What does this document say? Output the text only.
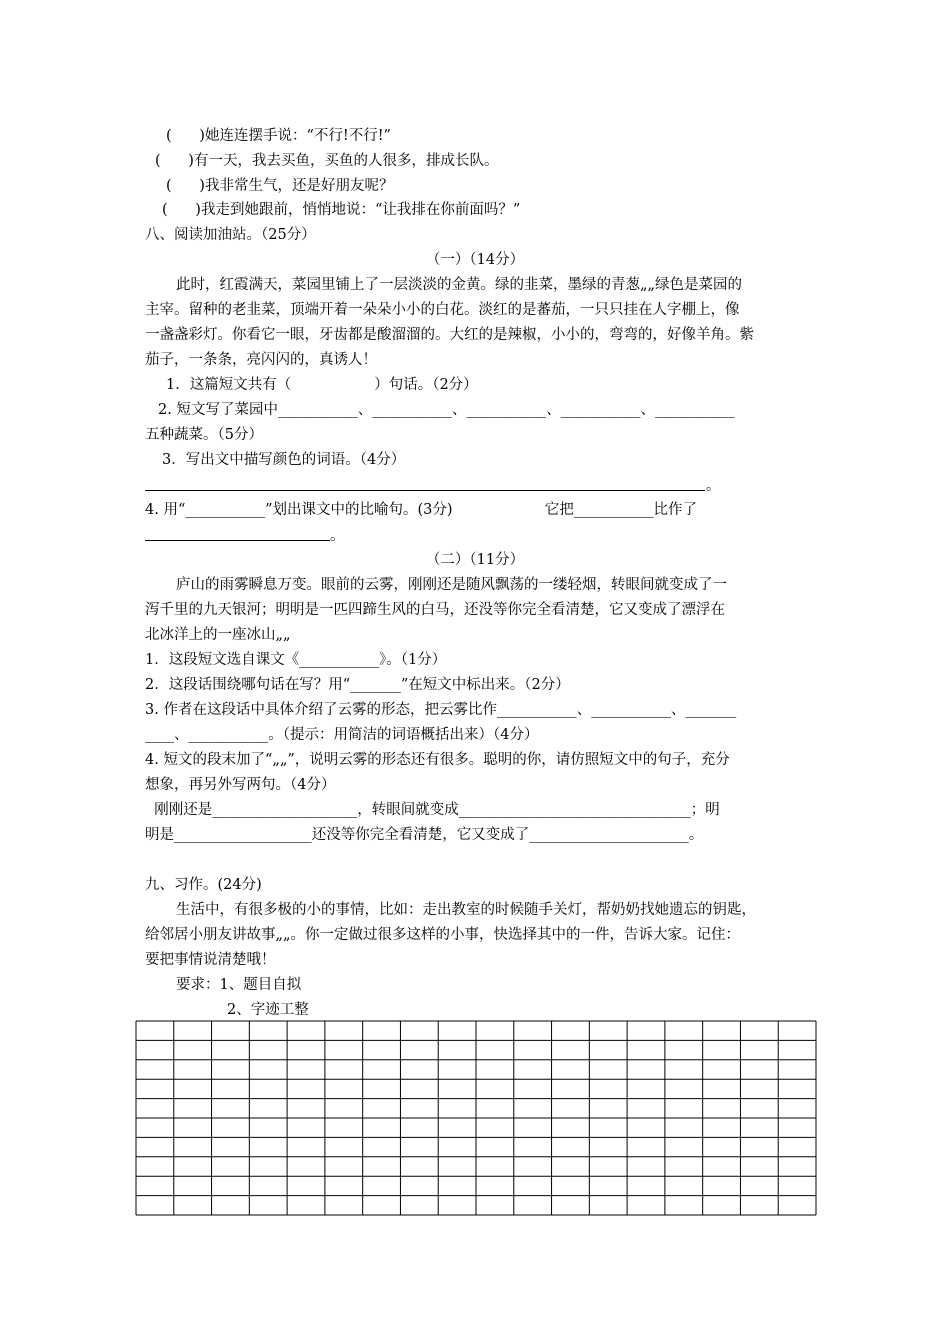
(      )她连连摆手说：“不行!不行!”
(      )有一天，我去买鱼，买鱼的人很多，排成长队。
(      )我非常生气，还是好朋友呢？
(      )我走到她跟前，悄悄地说：“让我排在你前面吗？”
八、阅读加油站。（25分）
（一）（14分）
此时，红霞满天，菜园里铺上了一层淡淡的金黄。绿的韭菜，墨绿的青葱„„绿色是菜园的
主宰。留种的老韭菜，顶端开着一朵朵小小的白花。淡红的是蕃茄，一只只挂在人字棚上，像
一盏盏彩灯。你看它一眼，牙齿都是酸溜溜的。大红的是辣椒，小小的，弯弯的，好像羊角。紫
茄子，一条条，亮闪闪的，真诱人！
1．这篇短文共有（                  ）句话。（2分）
2. 短文写了菜园中___________、___________、___________、___________、___________
五种蔬菜。（5分）
3．写出文中描写颜色的词语。（4分）
。
4. 用“___________”划出课文中的比喻句。(3分)                    它把___________比作了
。
（二）（11分）
庐山的雨雾瞬息万变。眼前的云雾，刚刚还是随风飘荡的一缕轻烟，转眼间就变成了一
泻千里的九天银河；明明是一匹四蹄生风的白马，还没等你完全看清楚，它又变成了漂浮在
北冰洋上的一座冰山„„
1．这段短文选自课文《___________》。（1分）
2．这段话围绕哪句话在写？用“_______”在短文中标出来。（2分）
3. 作者在这段话中具体介绍了云雾的形态，把云雾比作___________、___________、_______
____、___________。（提示：用简洁的词语概括出来）（4分）
4. 短文的段末加了“„„”，说明云雾的形态还有很多。聪明的你，请仿照短文中的句子，充分
想象，再另外写两句。（4分）
刚刚还是____________________，转眼间就变成________________________________；明
明是___________________还没等你完全看清楚，它又变成了______________________。
九、习作。(24分)
生活中，有很多极的小的事情，比如：走出教室的时候随手关灯，帮奶奶找她遗忘的钥匙，
给邻居小朋友讲故事„„。你一定做过很多这样的小事，快选择其中的一件，告诉大家。记住：
要把事情说清楚哦！
要求：1、题目自拟
2、字迹工整
